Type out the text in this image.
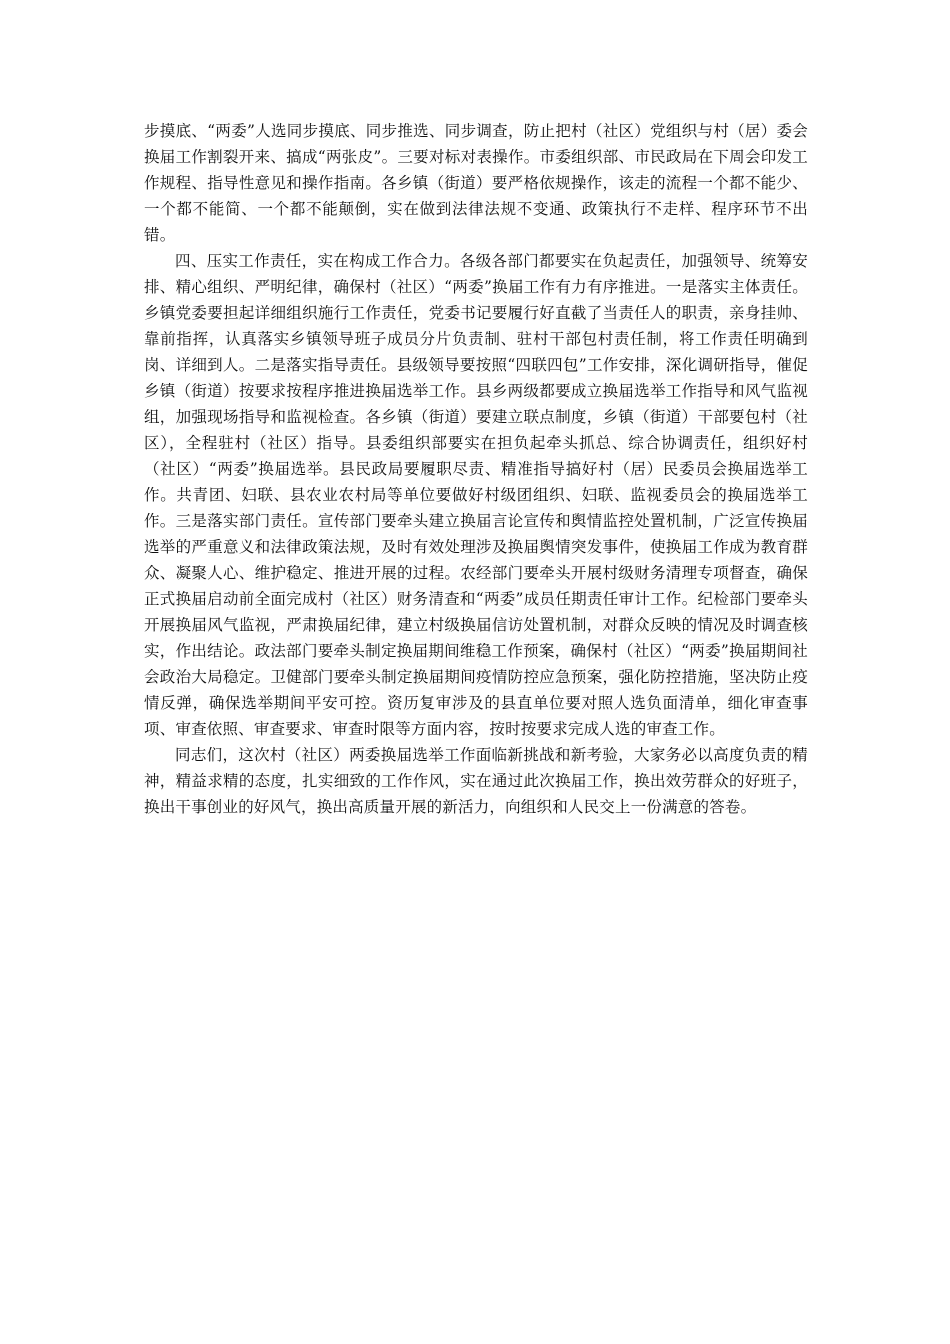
步摸底、“两委”人选同步摸底、同步推选、同步调查，防止把村（社区）党组织与村（居）委会换届工作割裂开来、搞成“两张皮”。三要对标对表操作。市委组织部、市民政局在下周会印发工作规程、指导性意见和操作指南。各乡镇（街道）要严格依规操作，该走的流程一个都不能少、一个都不能简、一个都不能颠倒，实在做到法律法规不变通、政策执行不走样、程序环节不出错。

四、压实工作责任，实在构成工作合力。各级各部门都要实在负起责任，加强领导、统筹安排、精心组织、严明纪律，确保村（社区）“两委”换届工作有力有序推进。一是落实主体责任。乡镇党委要担起详细组织施行工作责任，党委书记要履行好直截了当责任人的职责，亲身挂帅、靠前指挥，认真落实乡镇领导班子成员分片负责制、驻村干部包村责任制，将工作责任明确到岗、详细到人。二是落实指导责任。县级领导要按照“四联四包”工作安排，深化调研指导，催促乡镇（街道）按要求按程序推进换届选举工作。县乡两级都要成立换届选举工作指导和风气监视组，加强现场指导和监视检查。各乡镇（街道）要建立联点制度，乡镇（街道）干部要包村（社区），全程驻村（社区）指导。县委组织部要实在担负起牵头抓总、综合协调责任，组织好村（社区）“两委”换届选举。县民政局要履职尽责、精准指导搞好村（居）民委员会换届选举工作。共青团、妇联、县农业农村局等单位要做好村级团组织、妇联、监视委员会的换届选举工作。三是落实部门责任。宣传部门要牵头建立换届言论宣传和舆情监控处置机制，广泛宣传换届选举的严重意义和法律政策法规，及时有效处理涉及换届舆情突发事件，使换届工作成为教育群众、凝聚人心、维护稳定、推进开展的过程。农经部门要牵头开展村级财务清理专项督查，确保正式换届启动前全面完成村（社区）财务清查和“两委”成员任期责任审计工作。纪检部门要牵头开展换届风气监视，严肃换届纪律，建立村级换届信访处置机制，对群众反映的情况及时调查核实，作出结论。政法部门要牵头制定换届期间维稳工作预案，确保村（社区）“两委”换届期间社会政治大局稳定。卫健部门要牵头制定换届期间疫情防控应急预案，强化防控措施，坚决防止疫情反弹，确保选举期间平安可控。资历复审涉及的县直单位要对照人选负面清单，细化审查事项、审查依照、审查要求、审查时限等方面内容，按时按要求完成人选的审查工作。

同志们，这次村（社区）两委换届选举工作面临新挑战和新考验，大家务必以高度负责的精神，精益求精的态度，扎实细致的工作作风，实在通过此次换届工作，换出效劳群众的好班子，换出干事创业的好风气，换出高质量开展的新活力，向组织和人民交上一份满意的答卷。
